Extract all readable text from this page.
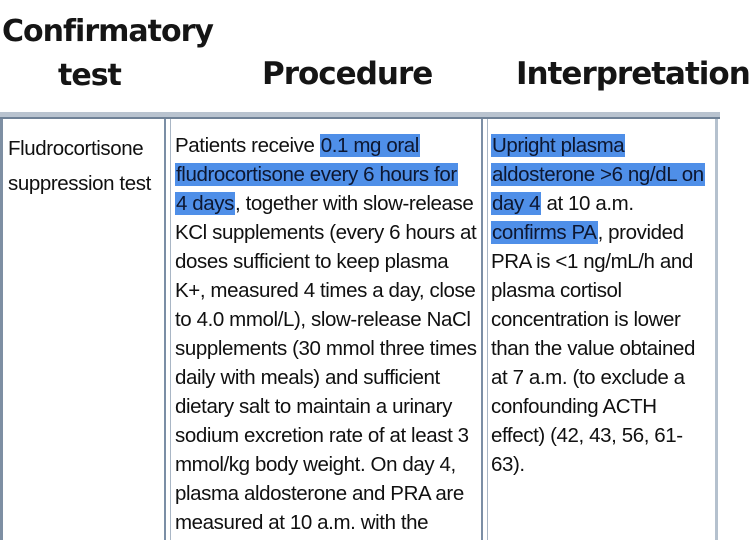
Confirmatory
test	Procedure	Interpretation
Fludrocortisone
suppression test
Patients receive 0.1 mg oral
fludrocortisone every 6 hours for
4 days, together with slow-release
KCl supplements (every 6 hours at
doses sufficient to keep plasma
K+, measured 4 times a day, close
to 4.0 mmol/L), slow-release NaCl
supplements (30 mmol three times
daily with meals) and sufficient
dietary salt to maintain a urinary
sodium excretion rate of at least 3
mmol/kg body weight. On day 4,
plasma aldosterone and PRA are
measured at 10 a.m. with the
Upright plasma
aldosterone >6 ng/dL on
day 4 at 10 a.m.
confirms PA, provided
PRA is <1 ng/mL/h and
plasma cortisol
concentration is lower
than the value obtained
at 7 a.m. (to exclude a
confounding ACTH
effect) (42, 43, 56, 61-
63).
